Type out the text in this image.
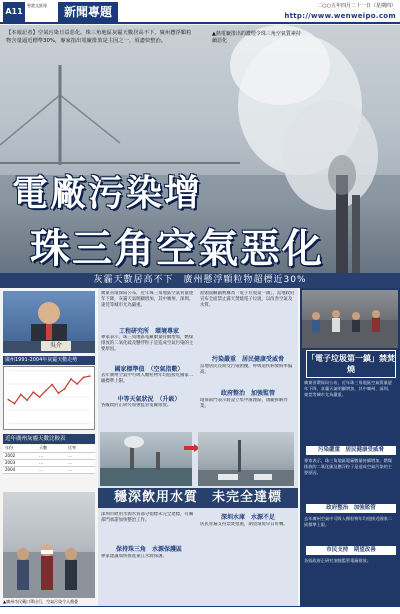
A11
香港文匯報	新聞專題	二○○五年四月二十一日（星期四）
http://www.wenweipo.com
【本報記者】空氣污染日益惡化。珠三角地區灰霾天數居高不下，廣州懸浮顆粒物含量逼近標準30%，專家指出電廠排放是主因之一，須盡快整治。
▲熱電廠排出的濃煙令珠三角空氣質素持續惡化
電廠污染增
珠三角空氣惡化
灰霾天數居高不下　廣州懸浮顆粒物超標近30%
吳介
廣州1991-2004年灰霾天數走勢
近年廣州灰霾天數比較表
年份	天數	比率
2002	...	...
2003	...	...
2004	...	...
▲廣州市民戴口罩出行，空氣污染令人擔憂
廣東省環保局公布，近年珠三角地區空氣質量逐年下降，灰霾天氣明顯增加，其中廣州、深圳、東莞等城市尤為嚴重。
工程研究所　環境專家
專家表示，珠三角地區電廠數量持續增加，燃煤排放的二氧化硫及懸浮粒子是造成空氣污染的主要原因。
國家標準值　（空氣指數）
去年廣州空氣中可吸入顆粒物年均值接近國家二級標準上限。
中等天氣狀況　（升級）
各級政府正研究加強監管電廠排放。
汕頭貴嶼鎮被稱為「電子垃圾第一鎮」，當地政府宣布全面禁止露天焚燒電子垃圾，以改善空氣及水質。
污染嚴重　居民健康受威脅
當地居民長期受污染困擾，呼吸道疾病發病率偏高。
政府整治　加強監管
環保部門表示將設立集中處理區，規範拆解作業。
穩深飲用水質　未完全達標
深圳市飲用水源水質部分指標未完全達標，有關部門承諾加快整治工作。
保持珠三角　水源保護區
專家建議加快推進東江水源保護。
深圳水庫　水源不足
居民普遍支持禁焚措施，期望環境早日好轉。
「電子垃圾第一鎮」禁焚燒
廣東省環保局公布，近年珠三角地區空氣質量逐年下降，灰霾天氣明顯增加，其中廣州、深圳、東莞等城市尤為嚴重。
污染嚴重　居民健康受威脅
專家表示，珠三角地區電廠數量持續增加，燃煤排放的二氧化硫及懸浮粒子是造成空氣污染的主要原因。
政府整治　加強監管
去年廣州空氣中可吸入顆粒物年均值接近國家二級標準上限。
市民支持　期望改善
各級政府正研究加強監管電廠排放。
